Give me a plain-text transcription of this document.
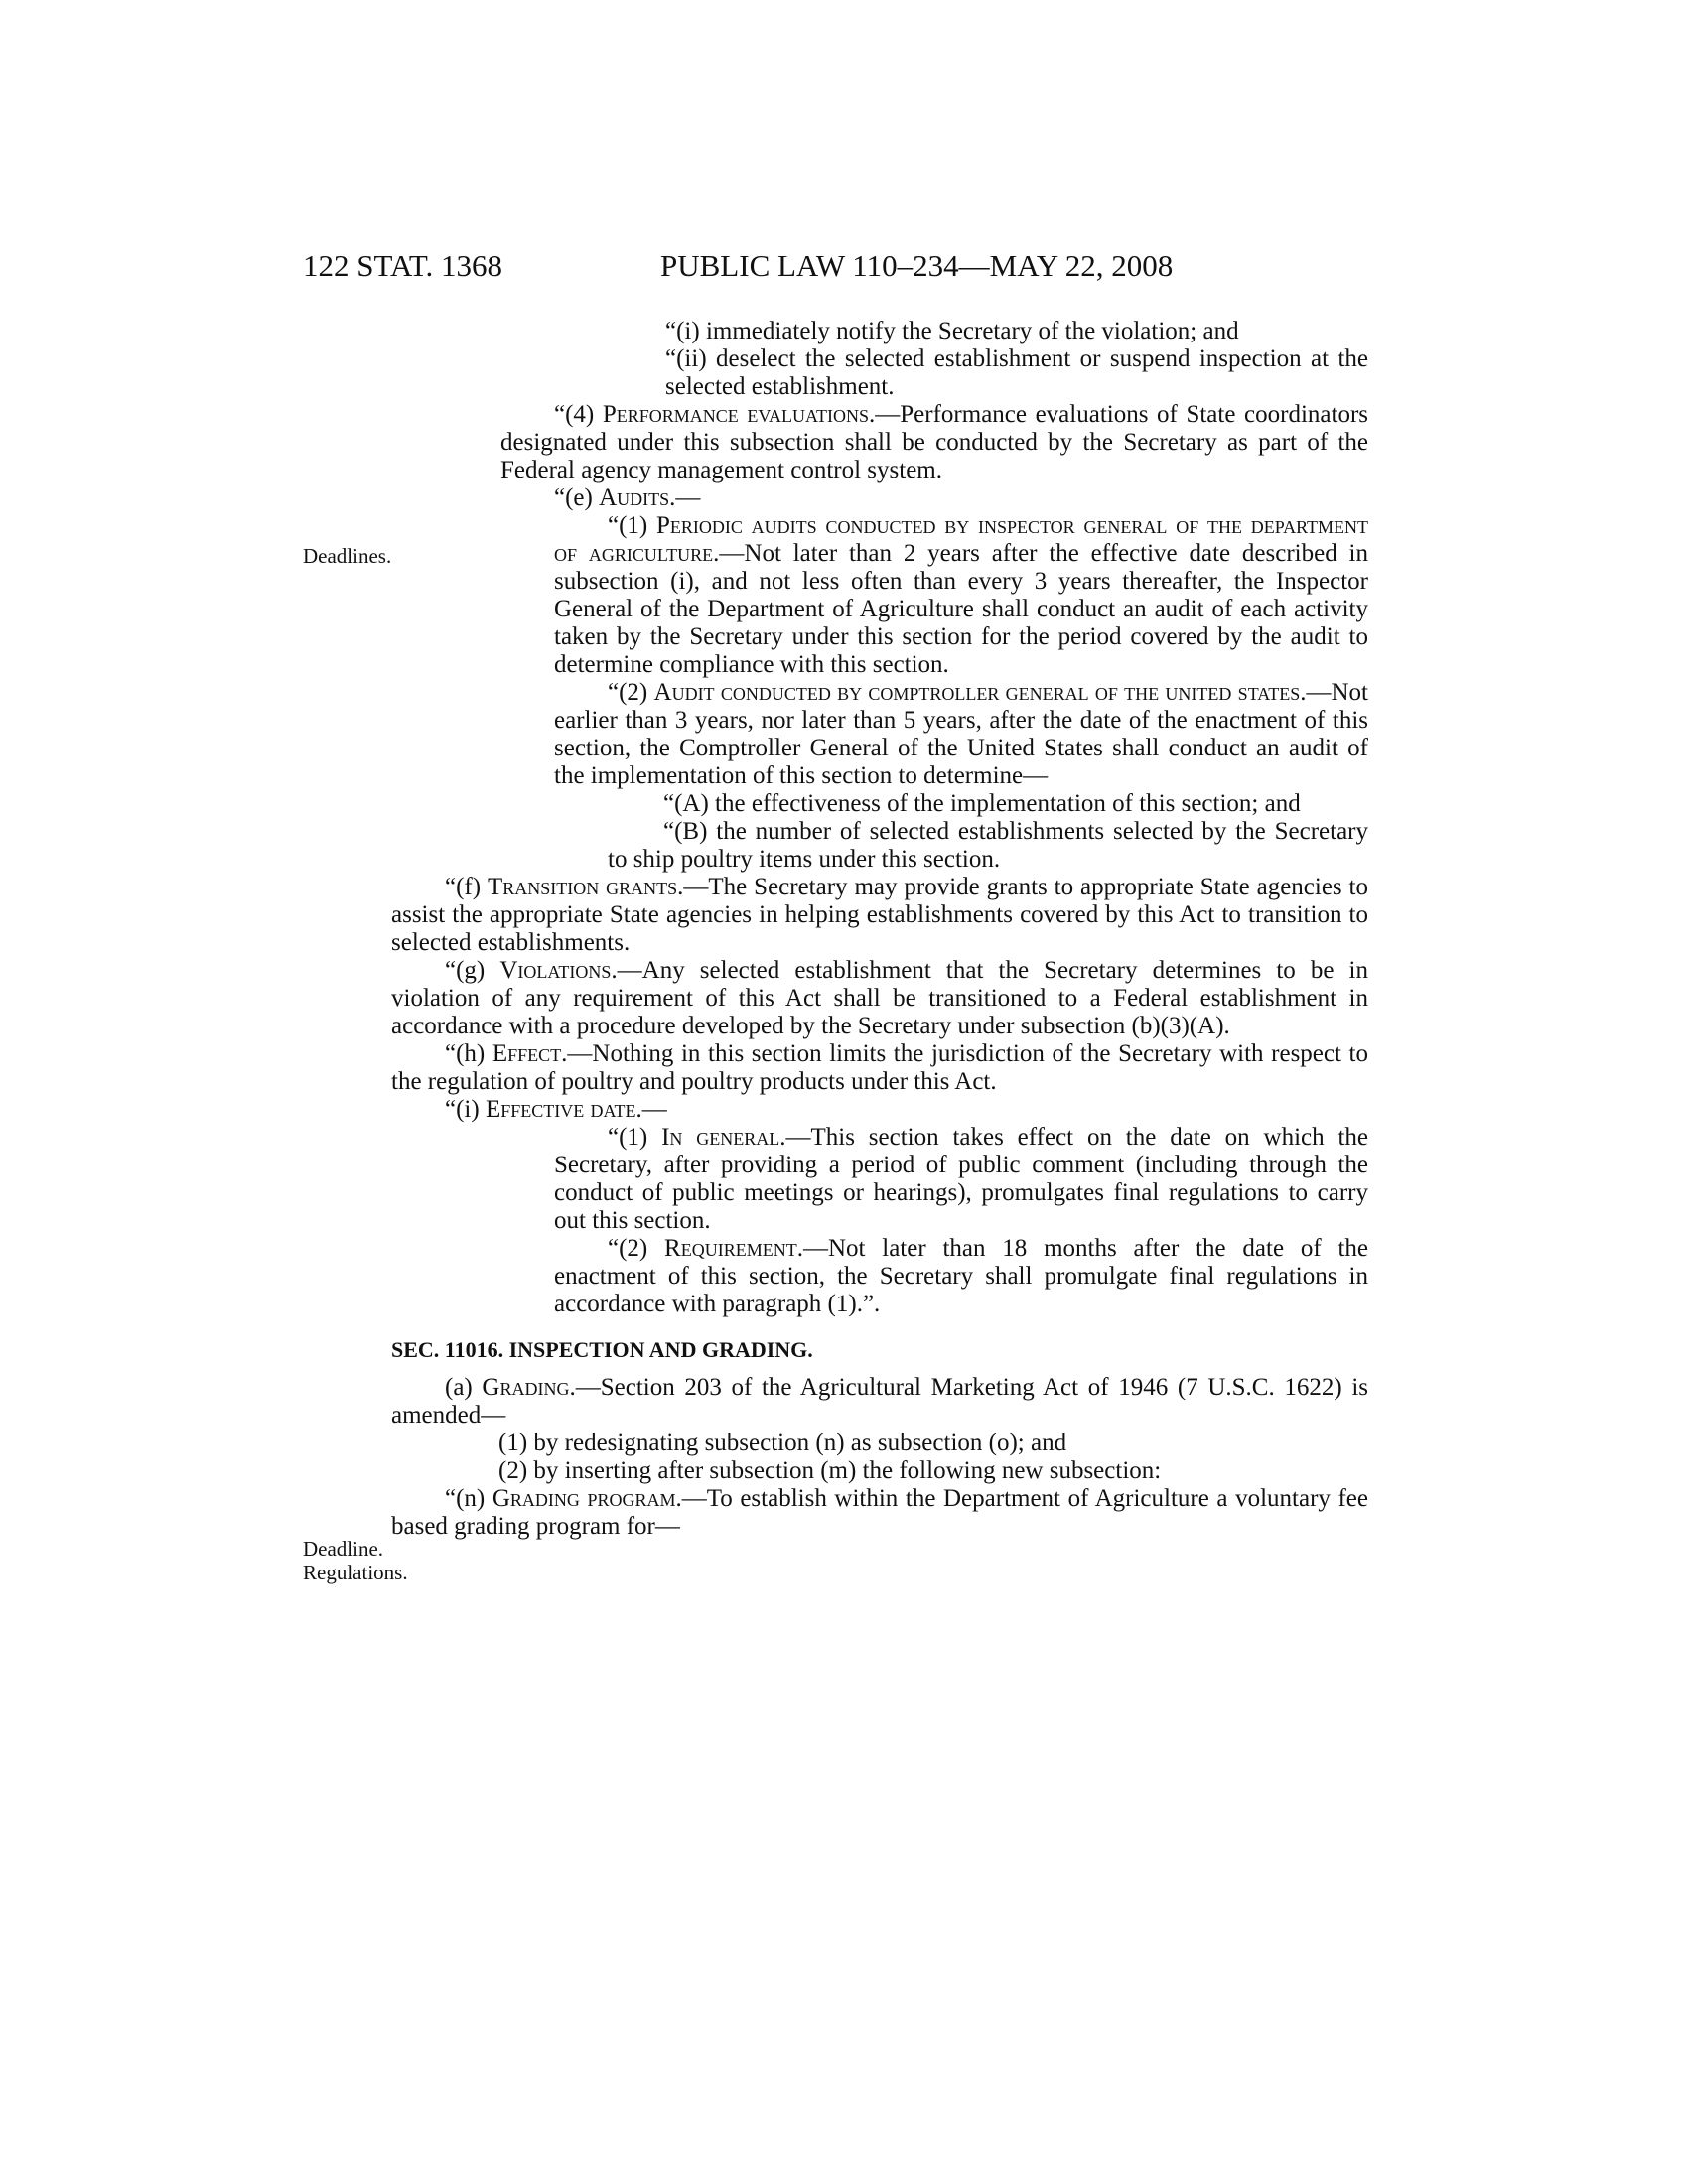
122 STAT. 1368	PUBLIC LAW 110–234—MAY 22, 2008
Deadlines.
Deadline.
Regulations.

“(i) immediately notify the Secretary of the violation; and

“(ii) deselect the selected establishment or suspend inspection at the selected establishment.

“(4) Performance evaluations.—Performance evaluations of State coordinators designated under this subsection shall be conducted by the Secretary as part of the Federal agency management control system.

“(e) Audits.—

“(1) Periodic audits conducted by inspector general of the department of agriculture.—Not later than 2 years after the effective date described in subsection (i), and not less often than every 3 years thereafter, the Inspector General of the Department of Agriculture shall conduct an audit of each activity taken by the Secretary under this section for the period covered by the audit to determine compliance with this section.

“(2) Audit conducted by comptroller general of the united states.—Not earlier than 3 years, nor later than 5 years, after the date of the enactment of this section, the Comptroller General of the United States shall conduct an audit of the implementation of this section to determine—

“(A) the effectiveness of the implementation of this section; and

“(B) the number of selected establishments selected by the Secretary to ship poultry items under this section.

“(f) Transition grants.—The Secretary may provide grants to appropriate State agencies to assist the appropriate State agencies in helping establishments covered by this Act to transition to selected establishments.

“(g) Violations.—Any selected establishment that the Secretary determines to be in violation of any requirement of this Act shall be transitioned to a Federal establishment in accordance with a procedure developed by the Secretary under subsection (b)(3)(A).

“(h) Effect.—Nothing in this section limits the jurisdiction of the Secretary with respect to the regulation of poultry and poultry products under this Act.

“(i) Effective date.—

“(1) In general.—This section takes effect on the date on which the Secretary, after providing a period of public comment (including through the conduct of public meetings or hearings), promulgates final regulations to carry out this section.

“(2) Requirement.—Not later than 18 months after the date of the enactment of this section, the Secretary shall promulgate final regulations in accordance with paragraph (1).”.

SEC. 11016. INSPECTION AND GRADING.

(a) Grading.—Section 203 of the Agricultural Marketing Act of 1946 (7 U.S.C. 1622) is amended—

(1) by redesignating subsection (n) as subsection (o); and

(2) by inserting after subsection (m) the following new subsection:

“(n) Grading program.—To establish within the Department of Agriculture a voluntary fee based grading program for—
